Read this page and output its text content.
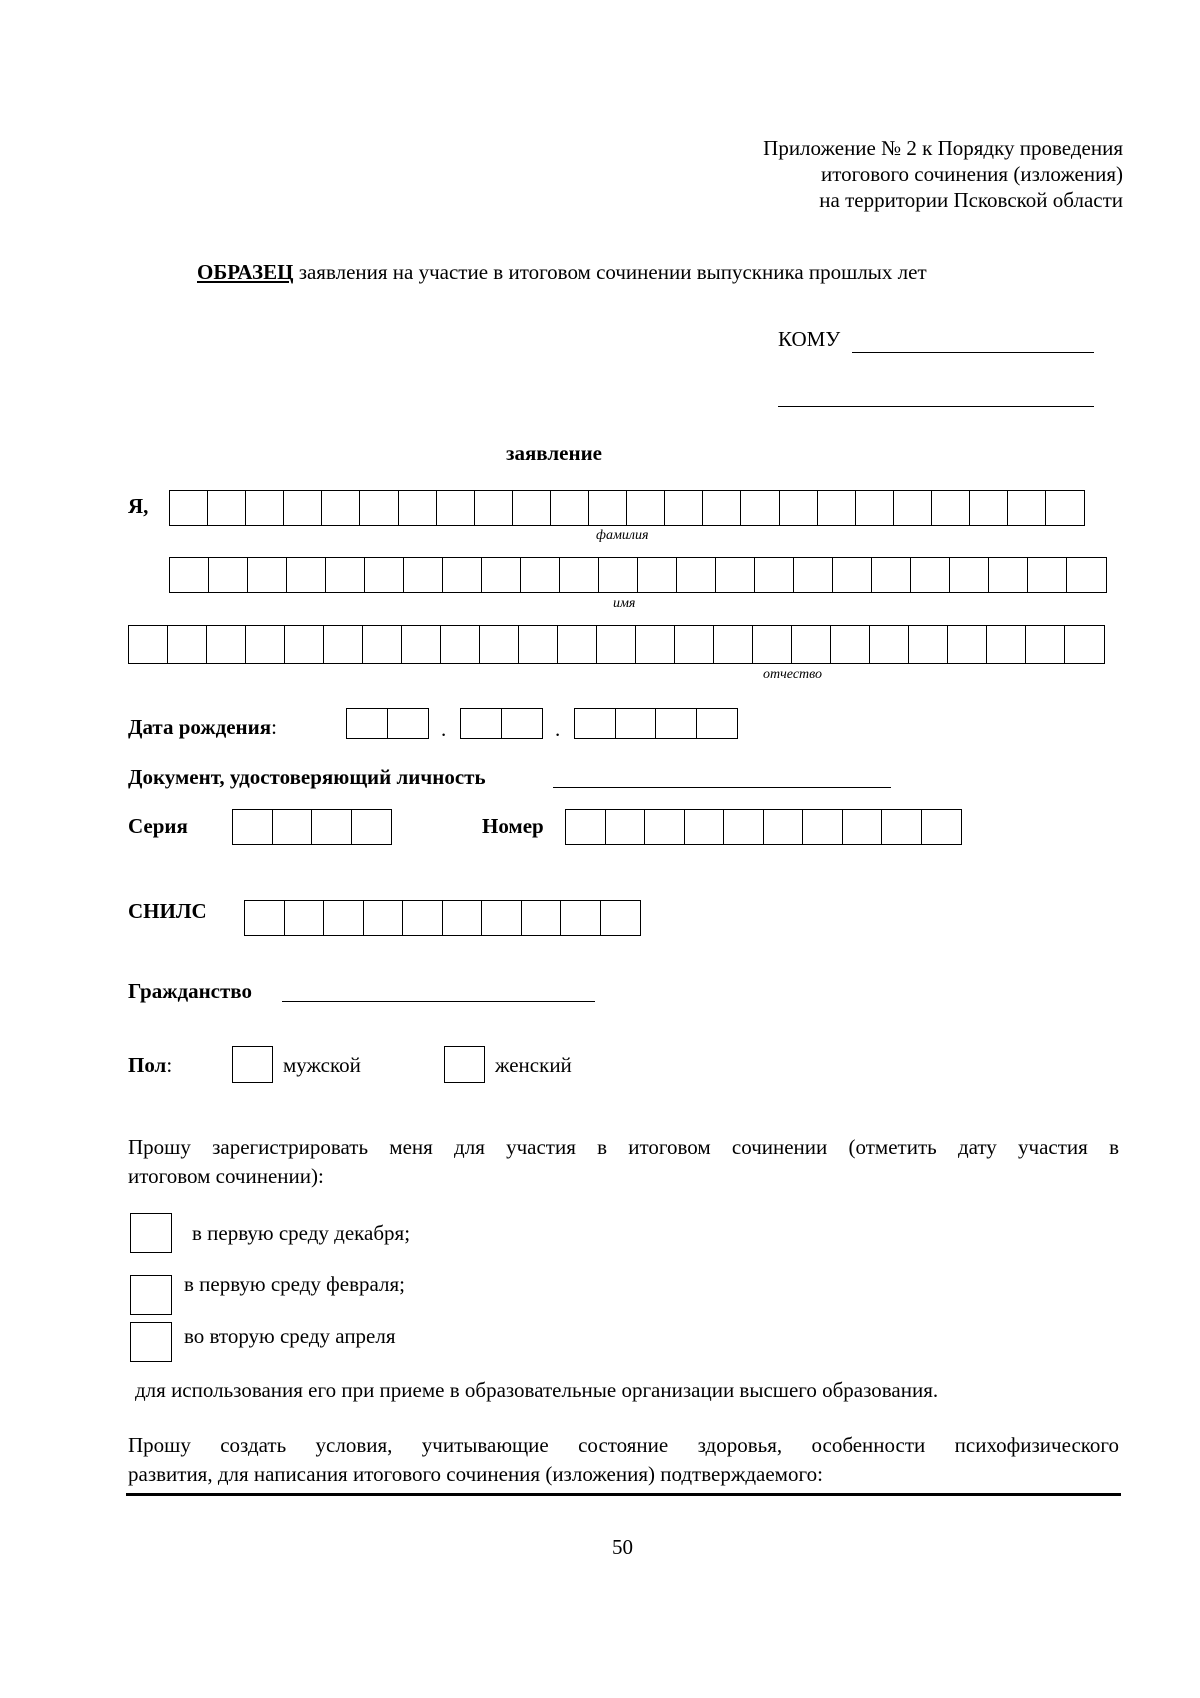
Приложение № 2 к Порядку проведения
итогового сочинения (изложения)
на территории Псковской области
ОБРАЗЕЦ заявления на участие в итоговом сочинении выпускника прошлых лет
КОМУ
заявление
Я,
фамилия
имя
отчество
Дата рождения:	.	.
Документ, удостоверяющий личность
Серия	Номер
СНИЛС
Гражданство
Пол:	мужской	женский
Прошу зарегистрировать меня для участия в итоговом сочинении (отметить дату участия в
итоговом сочинении):
в первую среду декабря;
в первую среду февраля;
во вторую среду апреля
для использования его при приеме в образовательные организации высшего образования.
Прошу создать условия, учитывающие состояние здоровья, особенности психофизического
развития, для написания итогового сочинения (изложения) подтверждаемого:
50
